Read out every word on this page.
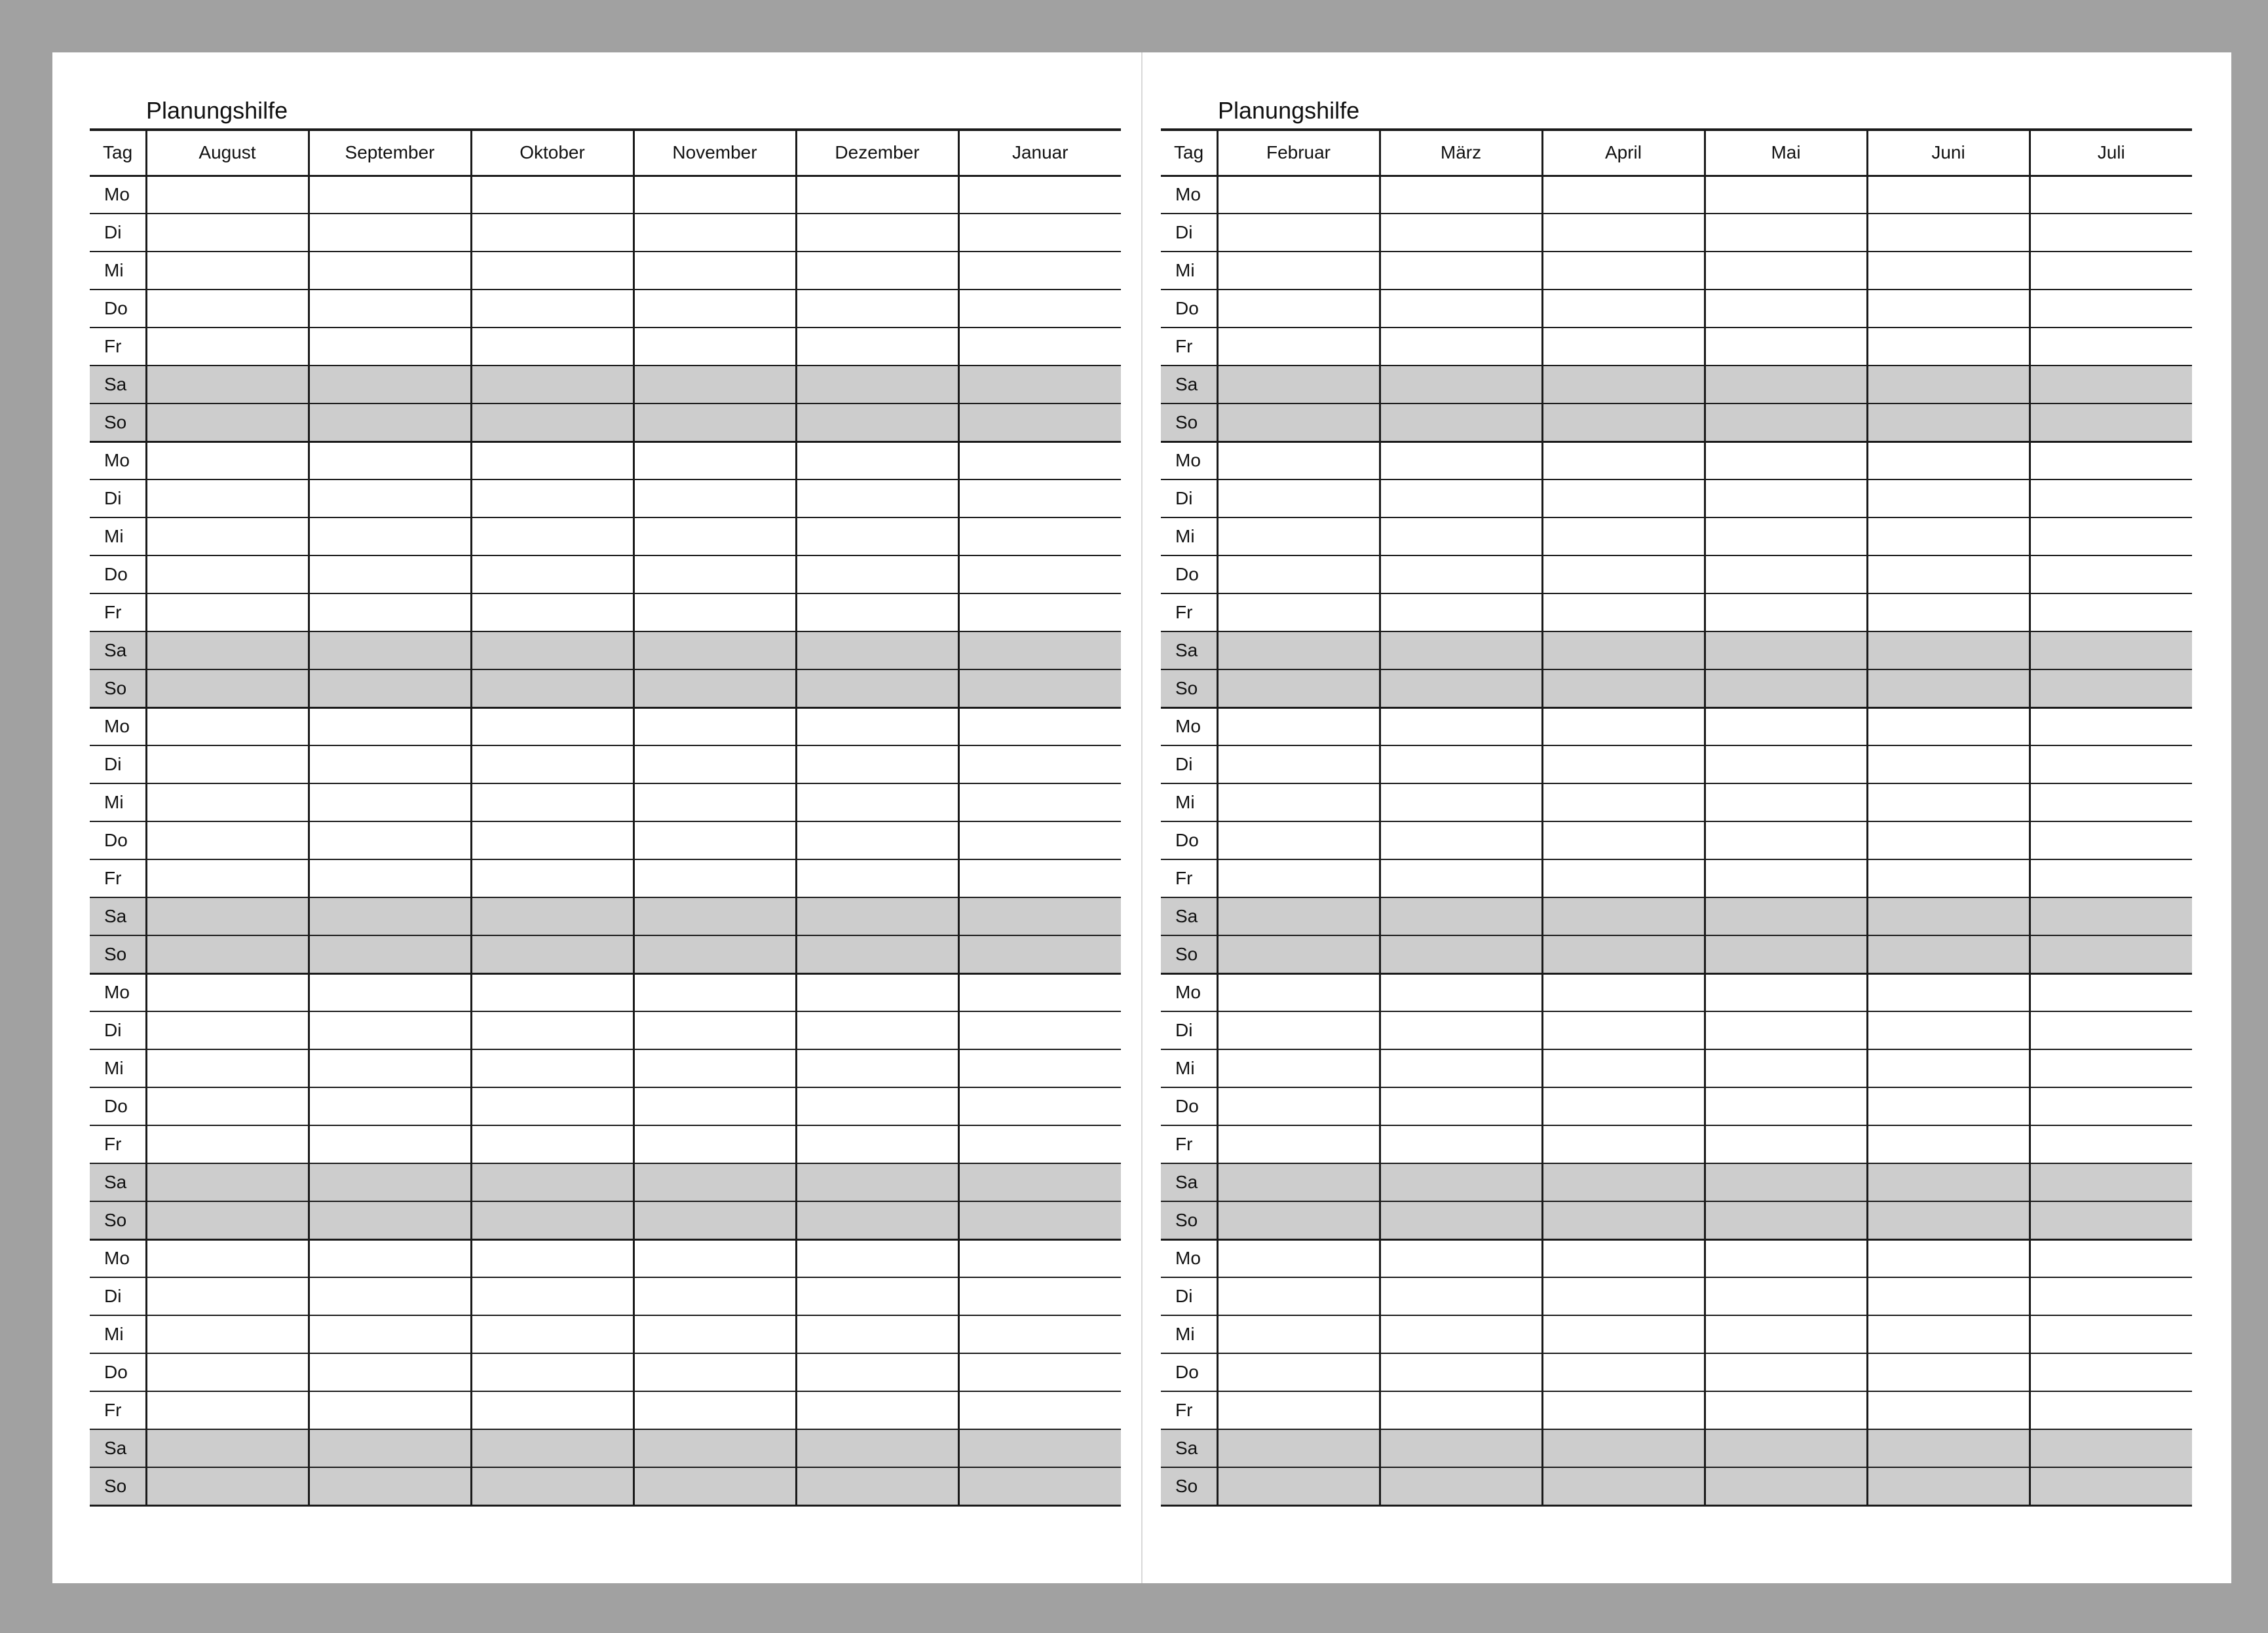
Planungshilfe
Tag	August	September	Oktober	November	Dezember	Januar
Mo						
Di						
Mi						
Do						
Fr						
Sa						
So						
Mo						
Di						
Mi						
Do						
Fr						
Sa						
So						
Mo						
Di						
Mi						
Do						
Fr						
Sa						
So						
Mo						
Di						
Mi						
Do						
Fr						
Sa						
So						
Mo						
Di						
Mi						
Do						
Fr						
Sa						
So						
Planungshilfe
Tag	Februar	März	April	Mai	Juni	Juli
Mo						
Di						
Mi						
Do						
Fr						
Sa						
So						
Mo						
Di						
Mi						
Do						
Fr						
Sa						
So						
Mo						
Di						
Mi						
Do						
Fr						
Sa						
So						
Mo						
Di						
Mi						
Do						
Fr						
Sa						
So						
Mo						
Di						
Mi						
Do						
Fr						
Sa						
So						
